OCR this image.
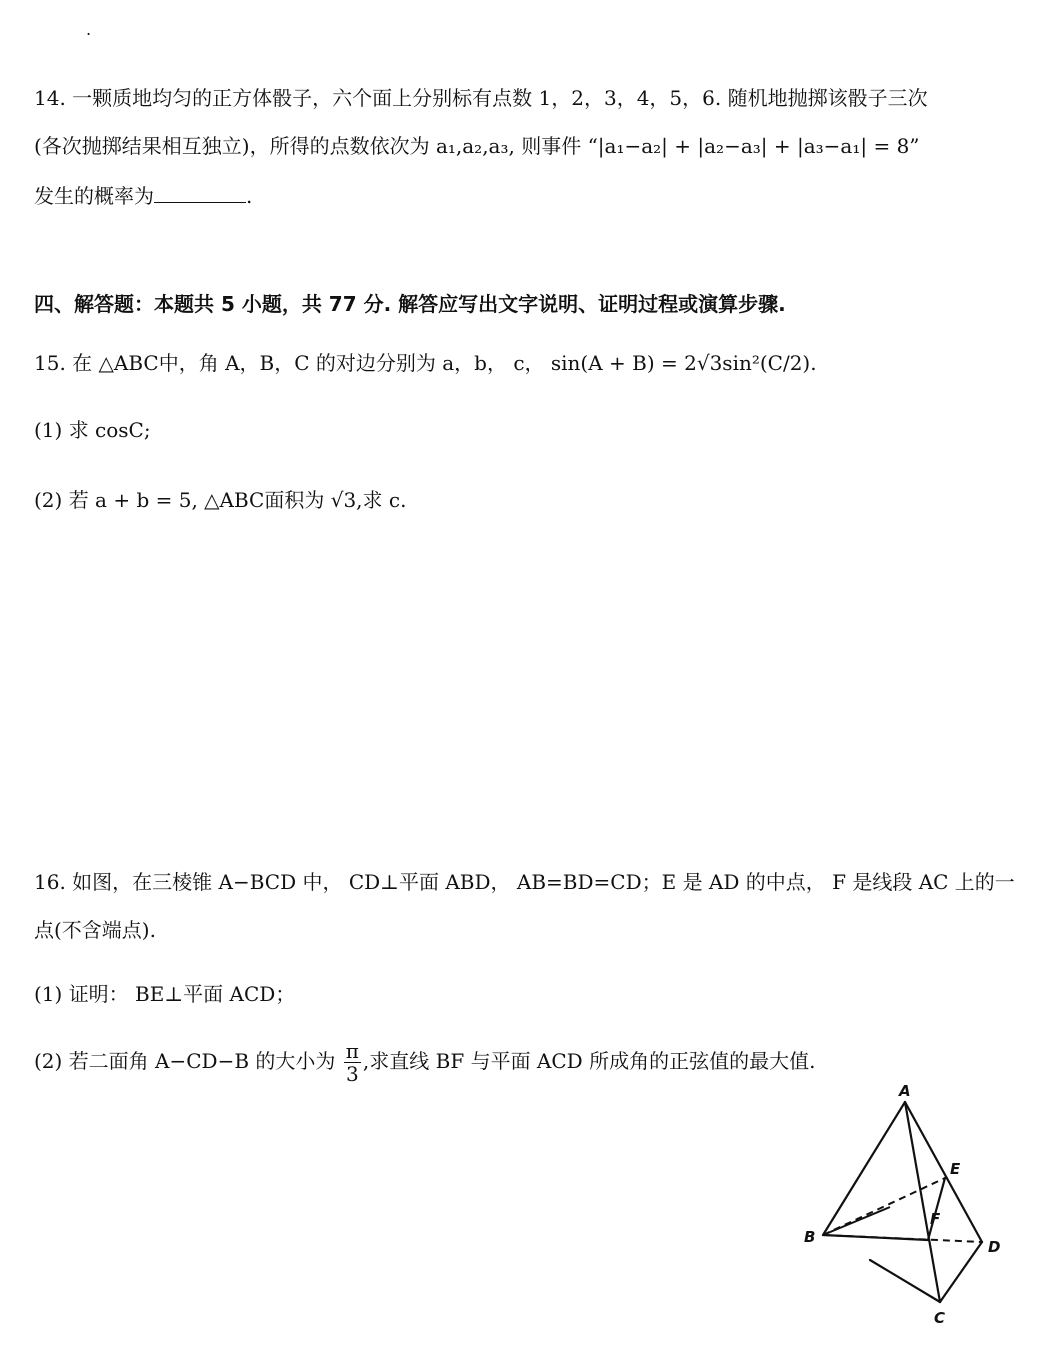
.
14. 一颗质地均匀的正方体骰子，六个面上分别标有点数 1，2，3，4，5，6. 随机地抛掷该骰子三次
(各次抛掷结果相互独立)，所得的点数依次为 a₁,a₂,a₃, 则事件 “|a₁−a₂| + |a₂−a₃| + |a₃−a₁| = 8”
发生的概率为	.
四、解答题：本题共 5 小题，共 77 分. 解答应写出文字说明、证明过程或演算步骤.
15. 在 △ABC中，角 A，B，C 的对边分别为 a，b， c， sin(A + B) = 2√3sin²(C/2).
(1) 求 cosC;
(2) 若 a + b = 5, △ABC面积为 √3,求 c.
16. 如图，在三棱锥 A−BCD 中， CD⊥平面 ABD， AB=BD=CD；E 是 AD 的中点， F 是线段 AC 上的一
点(不含端点).
(1) 证明： BE⊥平面 ACD；
(2) 若二面角 A−CD−B 的大小为 $\frac{\pi}{3}$ ,求直线 BF 与平面 ACD 所成角的正弦值的最大值.
A
B
C
D
E
F
